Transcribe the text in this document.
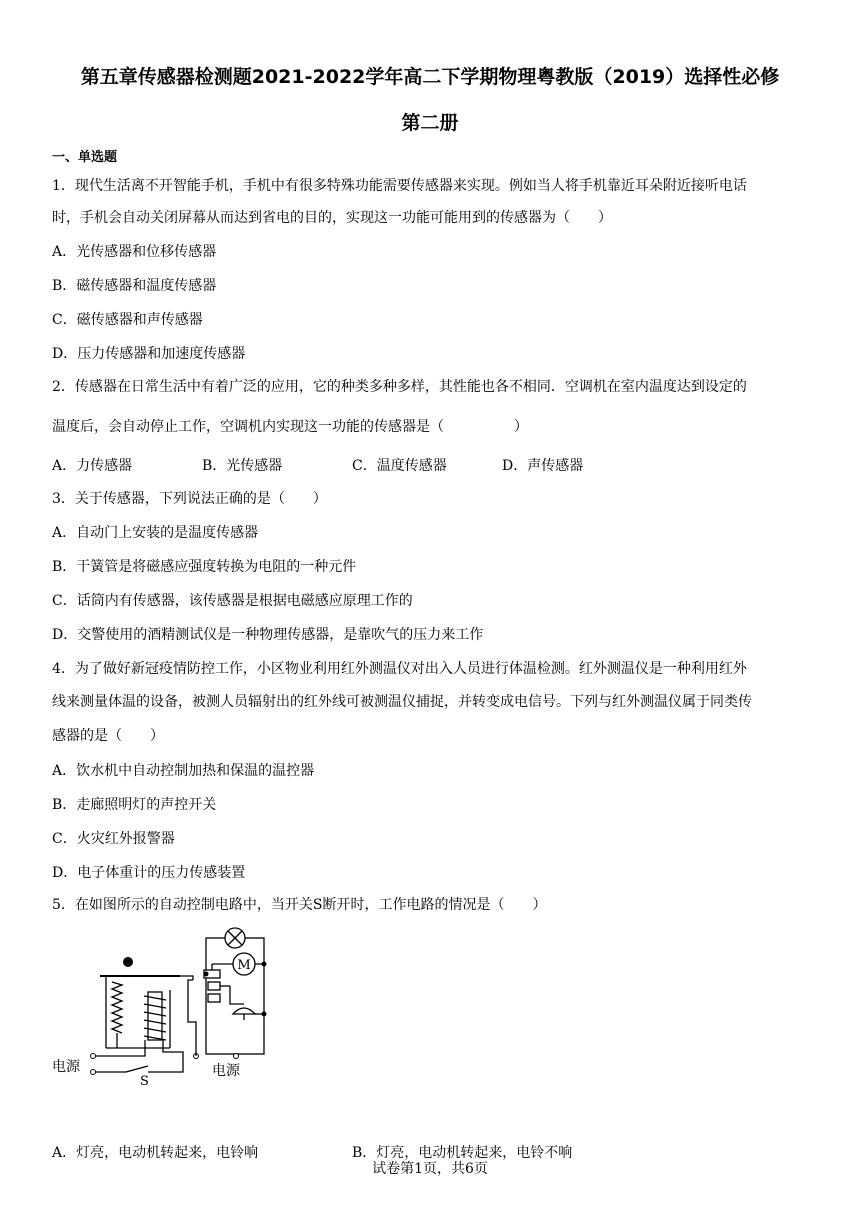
第五章传感器检测题2021-2022学年高二下学期物理粤教版（2019）选择性必修
第二册
一、单选题
1．现代生活离不开智能手机，手机中有很多特殊功能需要传感器来实现。例如当人将手机靠近耳朵附近接听电话
时，手机会自动关闭屏幕从而达到省电的目的，实现这一功能可能用到的传感器为（　　）
A．光传感器和位移传感器
B．磁传感器和温度传感器
C．磁传感器和声传感器
D．压力传感器和加速度传感器
2．传感器在日常生活中有着广泛的应用，它的种类多种多样，其性能也各不相同．空调机在室内温度达到设定的
温度后，会自动停止工作，空调机内实现这一功能的传感器是（　　　　　）
A．力传感器	B．光传感器	C．温度传感器	D．声传感器
3．关于传感器，下列说法正确的是（　　）
A．自动门上安装的是温度传感器
B．干簧管是将磁感应强度转换为电阻的一种元件
C．话筒内有传感器，该传感器是根据电磁感应原理工作的
D．交警使用的酒精测试仪是一种物理传感器，是靠吹气的压力来工作
4．为了做好新冠疫情防控工作，小区物业利用红外测温仪对出入人员进行体温检测。红外测温仪是一种利用红外
线来测量体温的设备，被测人员辐射出的红外线可被测温仪捕捉，并转变成电信号。下列与红外测温仪属于同类传
感器的是（　　）
A．饮水机中自动控制加热和保温的温控器
B．走廊照明灯的声控开关
C．火灾红外报警器
D．电子体重计的压力传感装置
5．在如图所示的自动控制电路中，当开关S断开时，工作电路的情况是（　　）
M
电源	电源
S
A．灯亮，电动机转起来，电铃响	B．灯亮，电动机转起来，电铃不响
试卷第1页，共6页
